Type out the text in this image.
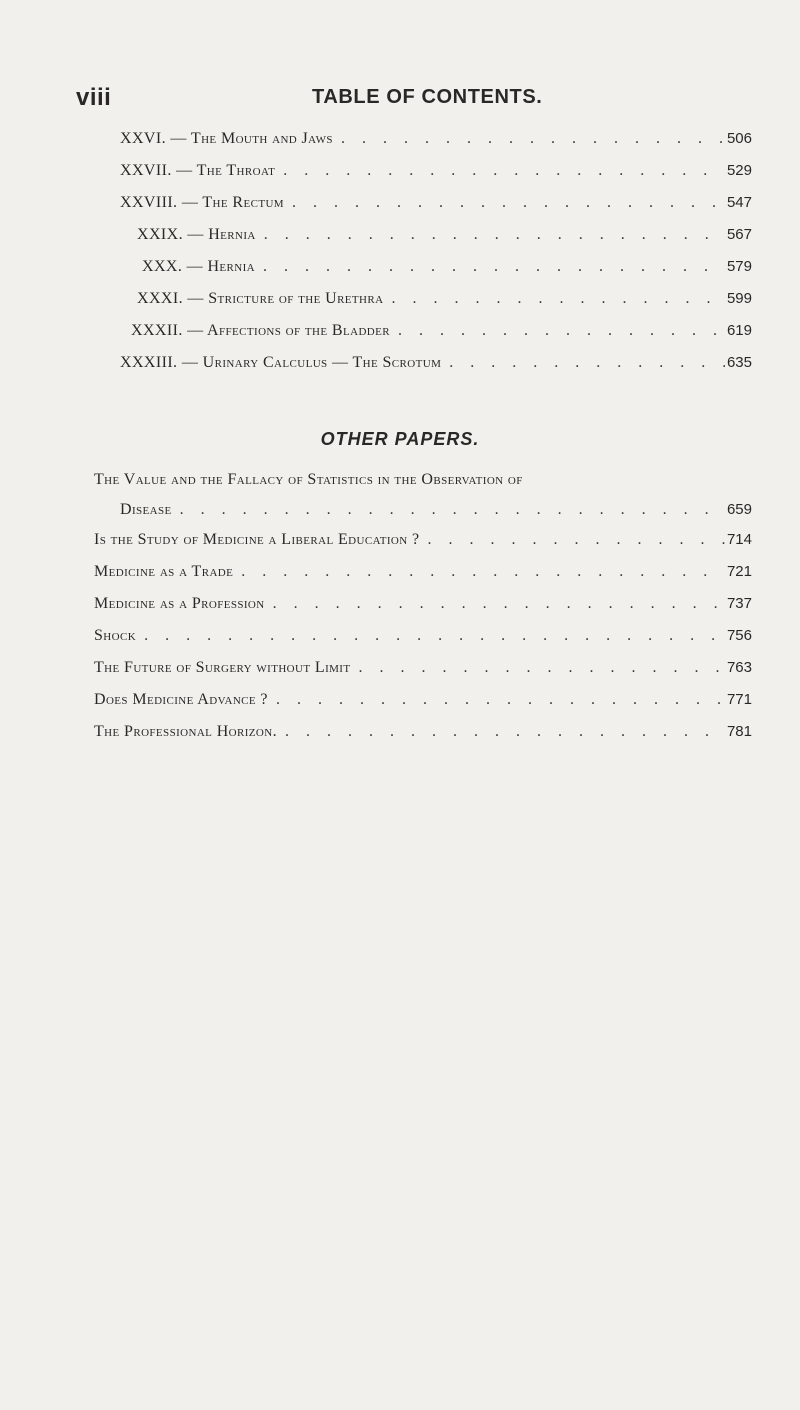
viii	TABLE OF CONTENTS.
XXVI. — The Mouth and Jaws . . .	506
XXVII. — The Throat . . .	529
XXVIII. — The Rectum . . .	547
XXIX. — Hernia . . .	567
XXX. — Hernia . . .	579
XXXI. — Stricture of the Urethra . . .	599
XXXII. — Affections of the Bladder . . .	619
XXXIII. — Urinary Calculus — The Scrotum . . .	635
OTHER PAPERS.
The Value and the Fallacy of Statistics in the Observation of
Disease . . .	659
Is the Study of Medicine a Liberal Education ? . . .	714
Medicine as a Trade . . .	721
Medicine as a Profession . . .	737
Shock . . .	756
The Future of Surgery without Limit . . .	763
Does Medicine Advance ? . . .	771
The Professional Horizon. . . .	781
